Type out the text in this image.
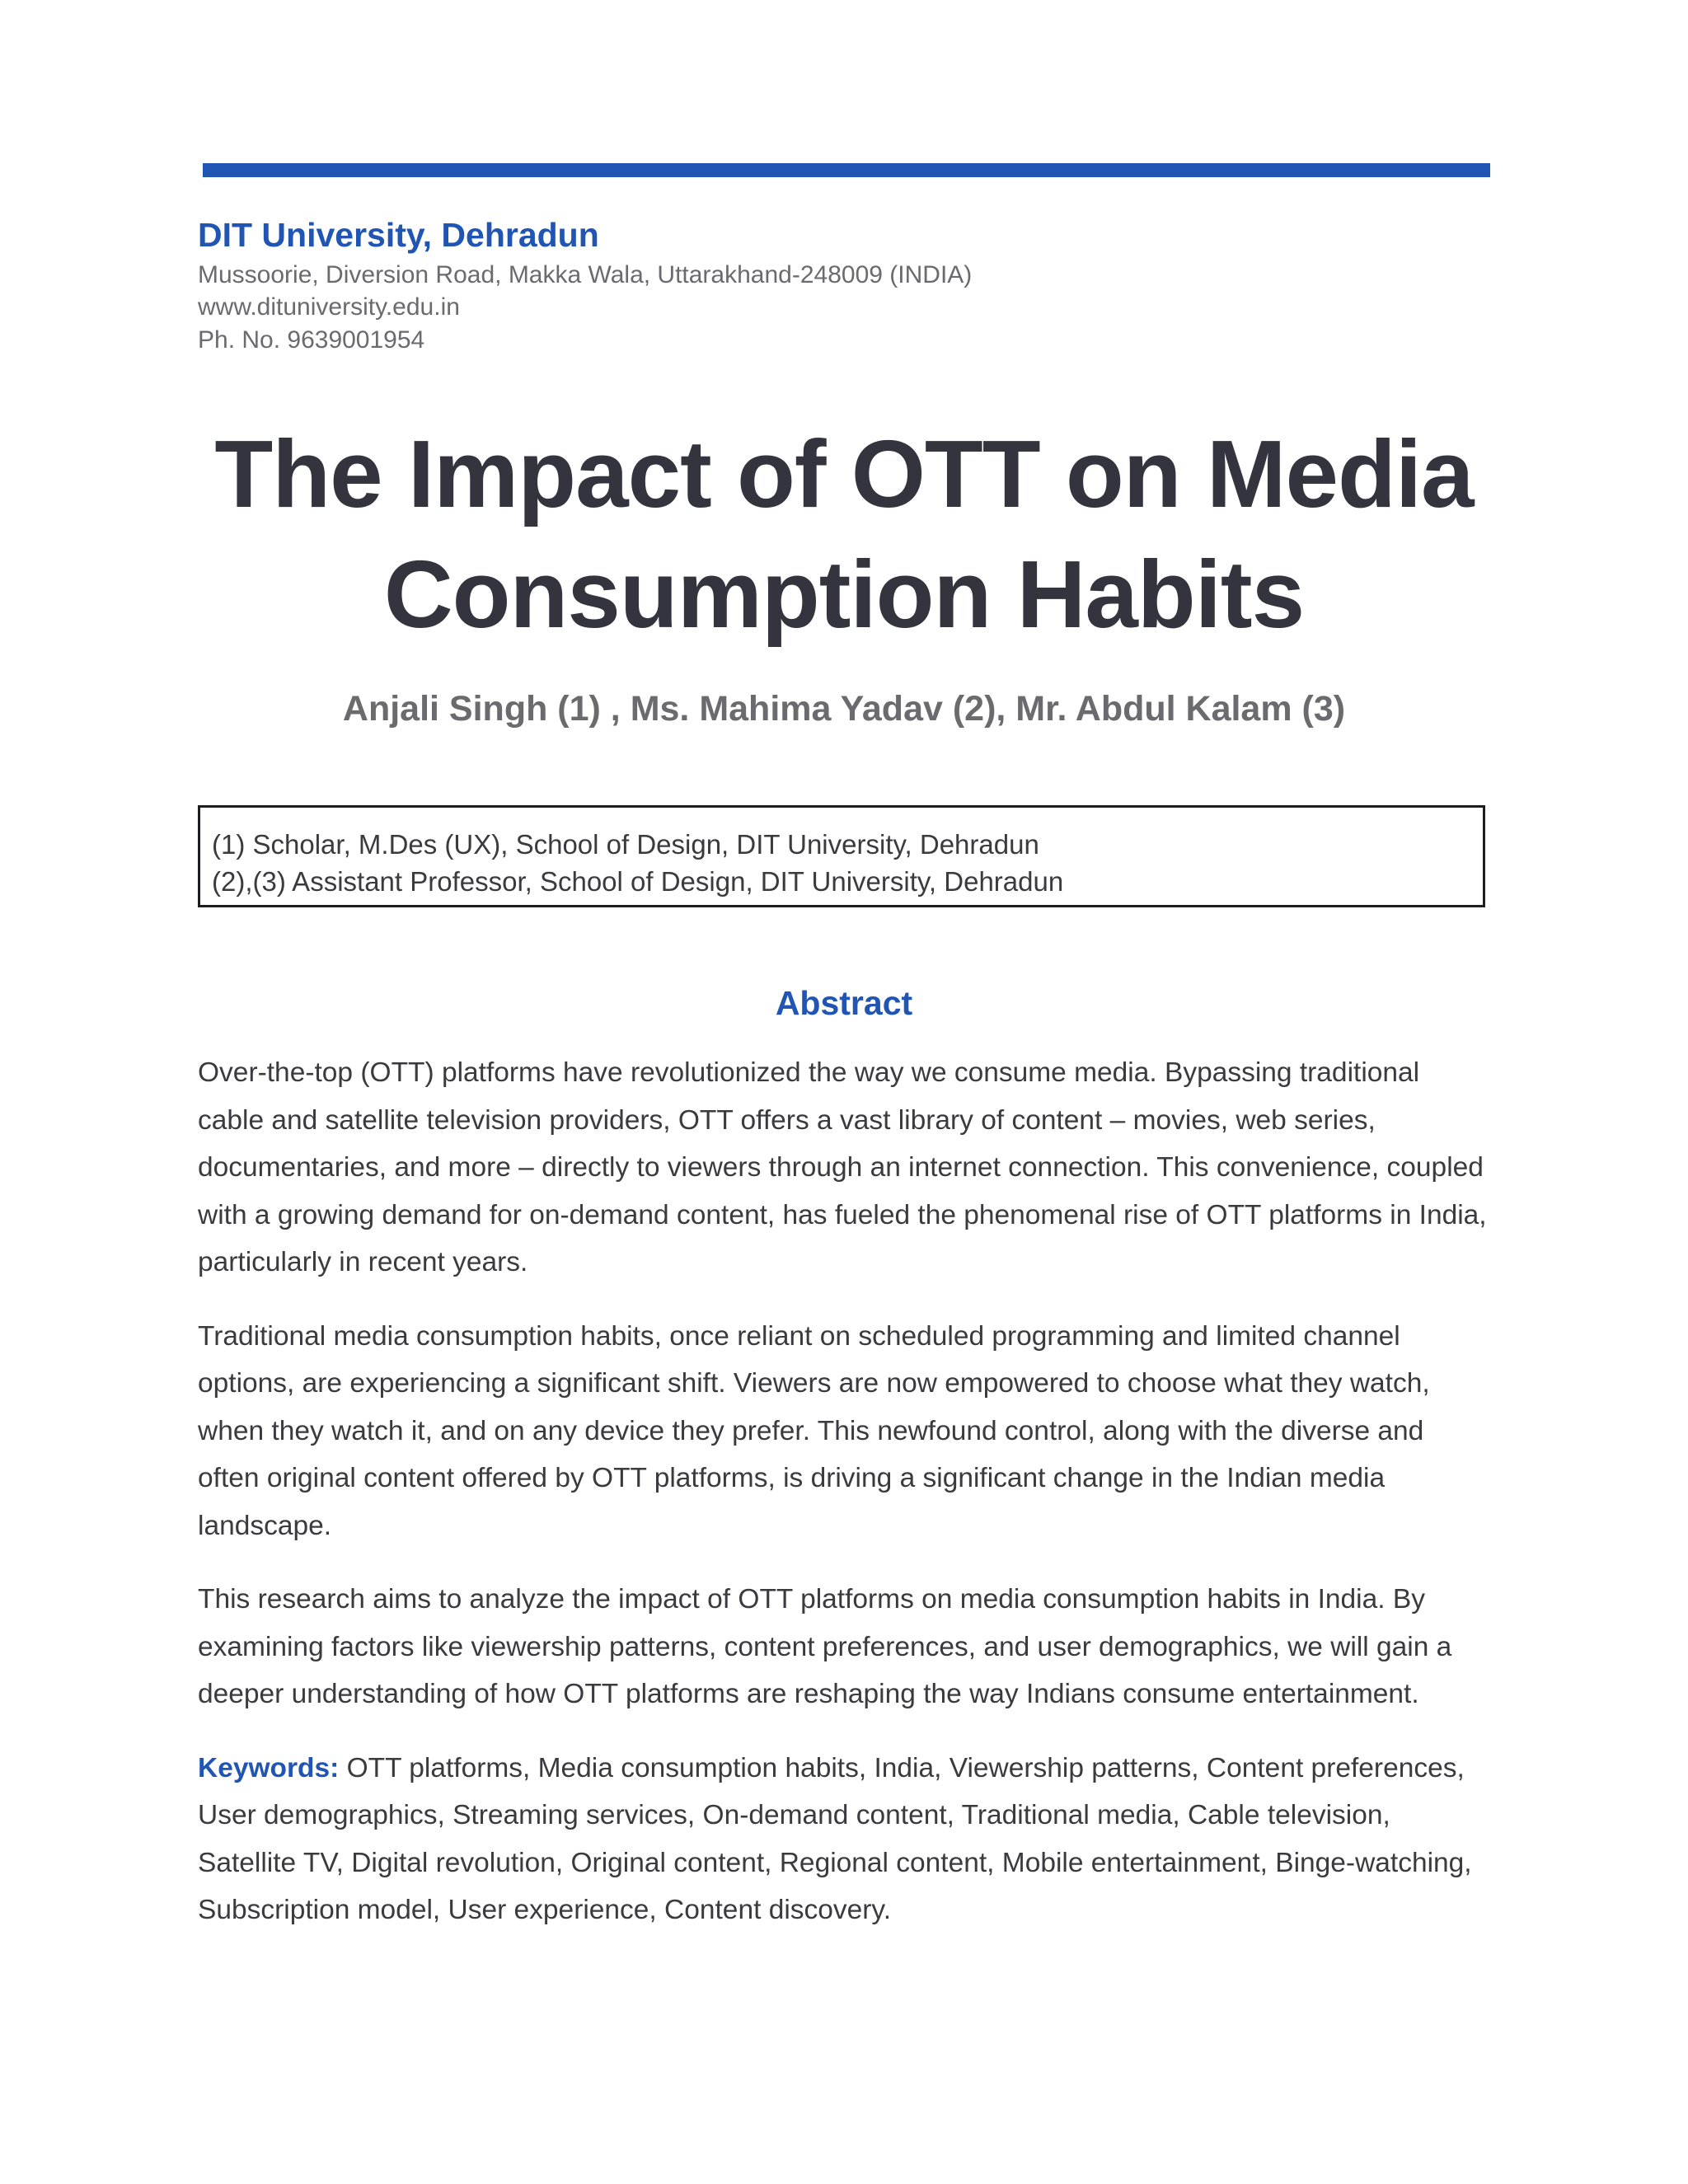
DIT University, Dehradun
Mussoorie, Diversion Road, Makka Wala, Uttarakhand-248009 (INDIA)
www.dituniversity.edu.in
Ph. No. 9639001954
The Impact of OTT on Media
Consumption Habits
Anjali Singh (1) , Ms. Mahima Yadav (2), Mr. Abdul Kalam (3)
(1) Scholar, M.Des (UX), School of Design, DIT University, Dehradun
(2),(3) Assistant Professor, School of Design, DIT University, Dehradun
Abstract

Over-the-top (OTT) platforms have revolutionized the way we consume media. Bypassing traditional cable and satellite television providers, OTT offers a vast library of content – movies, web series, documentaries, and more – directly to viewers through an internet connection. This convenience, coupled with a growing demand for on-demand content, has fueled the phenomenal rise of OTT platforms in India, particularly in recent years.

Traditional media consumption habits, once reliant on scheduled programming and limited channel options, are experiencing a significant shift. Viewers are now empowered to choose what they watch, when they watch it, and on any device they prefer. This newfound control, along with the diverse and often original content offered by OTT platforms, is driving a significant change in the Indian media landscape.

This research aims to analyze the impact of OTT platforms on media consumption habits in India. By examining factors like viewership patterns, content preferences, and user demographics, we will gain a deeper understanding of how OTT platforms are reshaping the way Indians consume entertainment.

Keywords: OTT platforms, Media consumption habits, India, Viewership patterns, Content preferences, User demographics, Streaming services, On-demand content, Traditional media, Cable television, Satellite TV, Digital revolution, Original content, Regional content, Mobile entertainment, Binge-watching, Subscription model, User experience, Content discovery.
